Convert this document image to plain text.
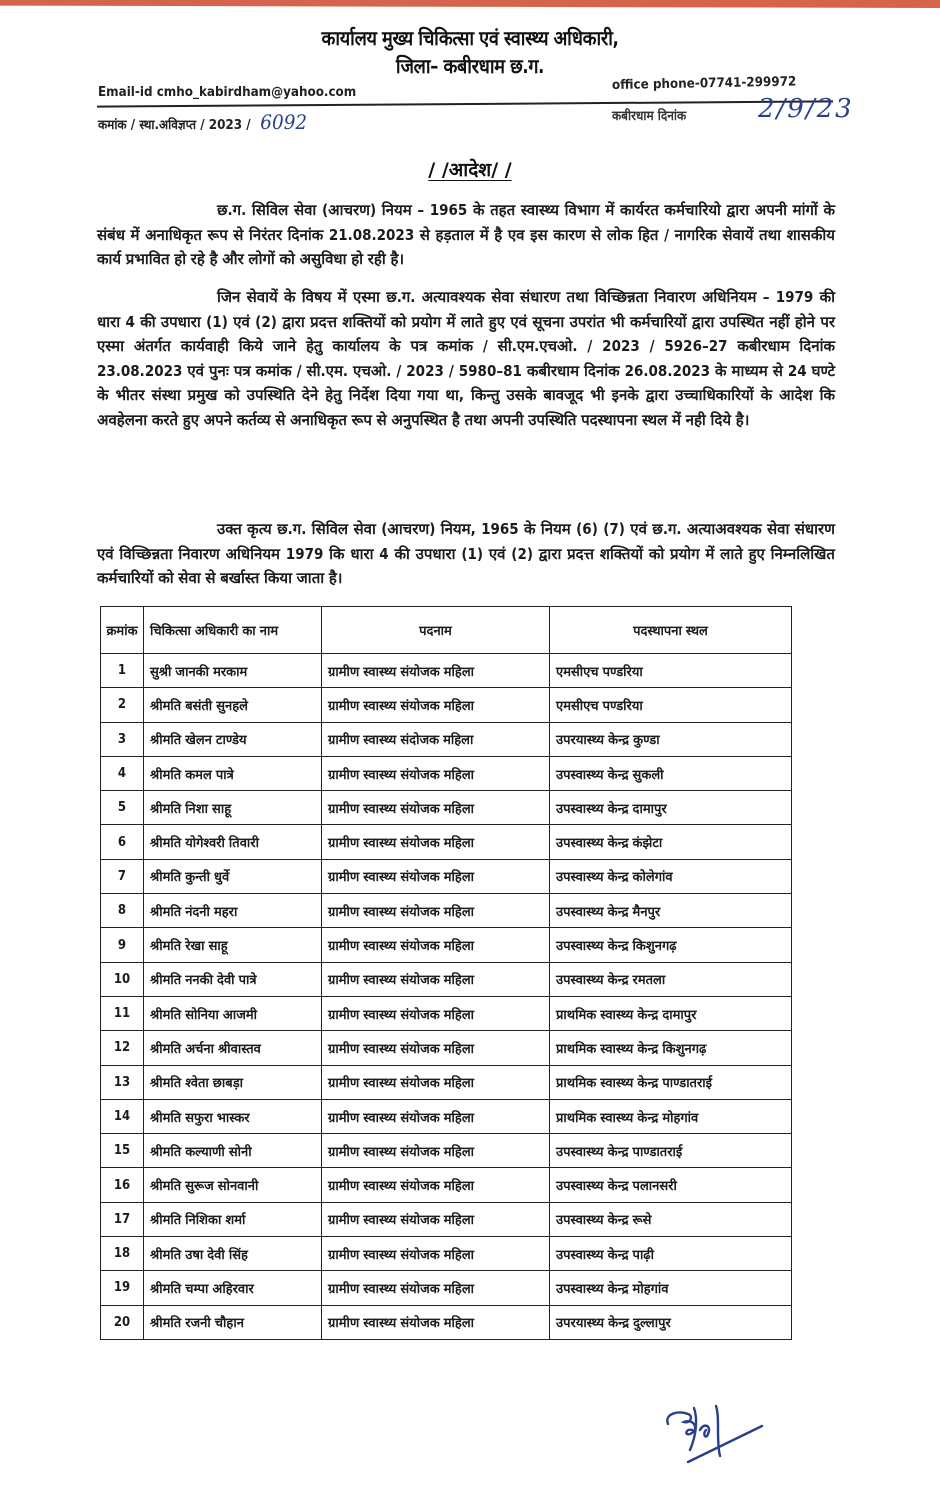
कार्यालय मुख्य चिकित्सा एवं स्वास्थ्य अधिकारी,
जिला– कबीरधाम छ.ग.
Email-id cmho_kabirdham@yahoo.com	office phone-07741-299972
कमांक / स्था.अविज्ञप्त / 2023 / 6092	कबीरधाम दिनांक	2/9/23
/ /आदेश/ /
छ.ग. सिविल सेवा (आचरण) नियम – 1965 के तहत स्वास्थ्य विभाग में कार्यरत कर्मचारियो द्वारा अपनी मांगों के संबंध में अनाधिकृत रूप से निरंतर दिनांक 21.08.2023 से हड़ताल में है एव इस कारण से लोक हित / नागरिक सेवायें तथा शासकीय कार्य प्रभावित हो रहे है और लोगों को असुविधा हो रही है।
जिन सेवायें के विषय में एस्मा छ.ग. अत्यावश्यक सेवा संधारण तथा विच्छिन्नता निवारण अधिनियम – 1979 की धारा 4 की उपधारा (1) एवं (2) द्वारा प्रदत्त शक्तियों को प्रयोग में लाते हुए एवं सूचना उपरांत भी कर्मचारियों द्वारा उपस्थित नहीं होने पर एस्मा अंतर्गत कार्यवाही किये जाने हेतु कार्यालय के पत्र कमांक / सी.एम.एचओ. / 2023 / 5926–27 कबीरधाम दिनांक 23.08.2023 एवं पुनः पत्र कमांक / सी.एम. एचओ. / 2023 / 5980–81 कबीरधाम दिनांक 26.08.2023 के माध्यम से 24 घण्टे के भीतर संस्था प्रमुख को उपस्थिति देने हेतु निर्देश दिया गया था, किन्तु उसके बावजूद भी इनके द्वारा उच्चाधिकारियों के आदेश कि अवहेलना करते हुए अपने कर्तव्य से अनाधिकृत रूप से अनुपस्थित है तथा अपनी उपस्थिति पदस्थापना स्थल में नही दिये है।
उक्त कृत्य छ.ग. सिविल सेवा (आचरण) नियम, 1965 के नियम (6) (7) एवं छ.ग. अत्याअवश्यक सेवा संधारण एवं विच्छिन्नता निवारण अधिनियम 1979 कि धारा 4 की उपधारा (1) एवं (2) द्वारा प्रदत्त शक्तियों को प्रयोग में लाते हुए निम्नलिखित कर्मचारियों को सेवा से बर्खास्त किया जाता है।
क्रमांक	चिकित्सा अधिकारी का नाम	पदनाम	पदस्थापना स्थल
1	सुश्री जानकी मरकाम	ग्रामीण स्वास्थ्य संयोजक महिला	एमसीएच पण्डरिया
2	श्रीमति बसंती सुनहले	ग्रामीण स्वास्थ्य संयोजक महिला	एमसीएच पण्डरिया
3	श्रीमति खेलन टाण्डेय	ग्रामीण स्वास्थ्य संदोजक महिला	उपरयास्थ्य केन्द्र कुण्डा
4	श्रीमति कमल पात्रे	ग्रामीण स्वास्थ्य संयोजक महिला	उपस्वास्थ्य केन्द्र सुकली
5	श्रीमति निशा साहू	ग्रामीण स्वास्थ्य संयोजक महिला	उपस्वास्थ्य केन्द्र दामापुर
6	श्रीमति योगेश्वरी तिवारी	ग्रामीण स्वास्थ्य संयोजक महिला	उपस्वास्थ्य केन्द्र कंझेटा
7	श्रीमति कुन्ती धुर्वे	ग्रामीण स्वास्थ्य संयोजक महिला	उपस्वास्थ्य केन्द्र कोलेगांव
8	श्रीमति नंदनी महरा	ग्रामीण स्वास्थ्य संयोजक महिला	उपस्वास्थ्य केन्द्र मैनपुर
9	श्रीमति रेखा साहू	ग्रामीण स्वास्थ्य संयोजक महिला	उपस्वास्थ्य केन्द्र किशुनगढ़
10	श्रीमति ननकी देवी पात्रे	ग्रामीण स्वास्थ्य संयोजक महिला	उपस्वास्थ्य केन्द्र रमतला
11	श्रीमति सोनिया आजमी	ग्रामीण स्वास्थ्य संयोजक महिला	प्राथमिक स्वास्थ्य केन्द्र दामापुर
12	श्रीमति अर्चना श्रीवास्तव	ग्रामीण स्वास्थ्य संयोजक महिला	प्राथमिक स्वास्थ्य केन्द्र किशुनगढ़
13	श्रीमति श्वेता छाबड़ा	ग्रामीण स्वास्थ्य संयोजक महिला	प्राथमिक स्वास्थ्य केन्द्र पाण्डातराई
14	श्रीमति सफुरा भास्कर	ग्रामीण स्वास्थ्य संयोजक महिला	प्राथमिक स्वास्थ्य केन्द्र मोहगांव
15	श्रीमति कल्याणी सोनी	ग्रामीण स्वास्थ्य संयोजक महिला	उपस्वास्थ्य केन्द्र पाण्डातराई
16	श्रीमति सुरूज सोनवानी	ग्रामीण स्वास्थ्य संयोजक महिला	उपस्वास्थ्य केन्द्र पलानसरी
17	श्रीमति निशिका शर्मा	ग्रामीण स्वास्थ्य संयोजक महिला	उपस्वास्थ्य केन्द्र रूसे
18	श्रीमति उषा देवी सिंह	ग्रामीण स्वास्थ्य संयोजक महिला	उपस्वास्थ्य केन्द्र पाढ़ी
19	श्रीमति चम्पा अहिरवार	ग्रामीण स्वास्थ्य संयोजक महिला	उपस्वास्थ्य केन्द्र मोहगांव
20	श्रीमति रजनी चौहान	ग्रामीण स्वास्थ्य संयोजक महिला	उपरयास्थ्य केन्द्र दुल्लापुर
